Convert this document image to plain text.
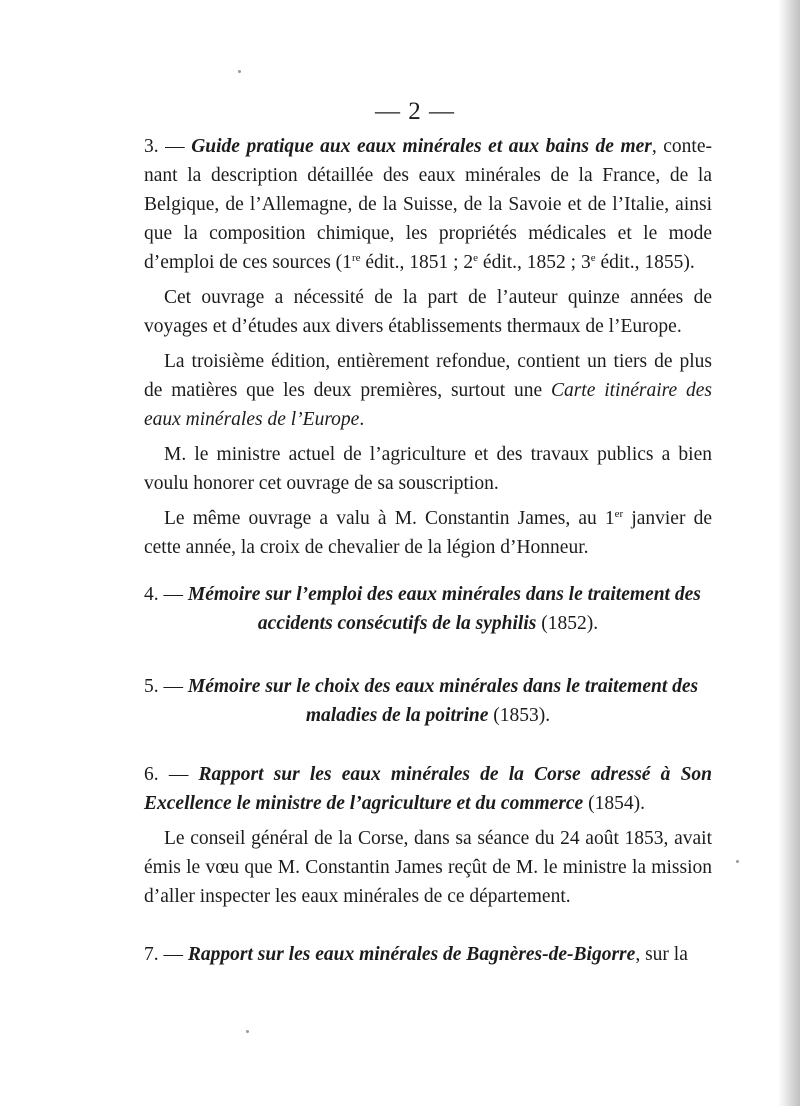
— 2 —

3. — Guide pratique aux eaux minérales et aux bains de mer, conte- nant la description détaillée des eaux minérales de la France, de la Belgique, de l’Allemagne, de la Suisse, de la Savoie et de l’Italie, ainsi que la composition chimique, les propriétés médicales et le mode d’emploi de ces sources (1re édit., 1851 ; 2e édit., 1852 ; 3e édit., 1855).

Cet ouvrage a nécessité de la part de l’auteur quinze années de voyages et d’études aux divers établissements thermaux de l’Europe.

La troisième édition, entièrement refondue, contient un tiers de plus de matières que les deux premières, surtout une Carte itinéraire des eaux minérales de l’Europe.

M. le ministre actuel de l’agriculture et des travaux publics a bien voulu honorer cet ouvrage de sa souscription.

Le même ouvrage a valu à M. Constantin James, au 1er janvier de cette année, la croix de chevalier de la légion d’Honneur.

4. — Mémoire sur l’emploi des eaux minérales dans le traitement des

accidents consécutifs de la syphilis (1852).

5. — Mémoire sur le choix des eaux minérales dans le traitement des

maladies de la poitrine (1853).

6. — Rapport sur les eaux minérales de la Corse adressé à Son Excellence le ministre de l’agriculture et du commerce (1854).

Le conseil général de la Corse, dans sa séance du 24 août 1853, avait émis le vœu que M. Constantin James reçût de M. le ministre la mission d’aller inspecter les eaux minérales de ce département.

7. — Rapport sur les eaux minérales de Bagnères-de-Bigorre, sur la
